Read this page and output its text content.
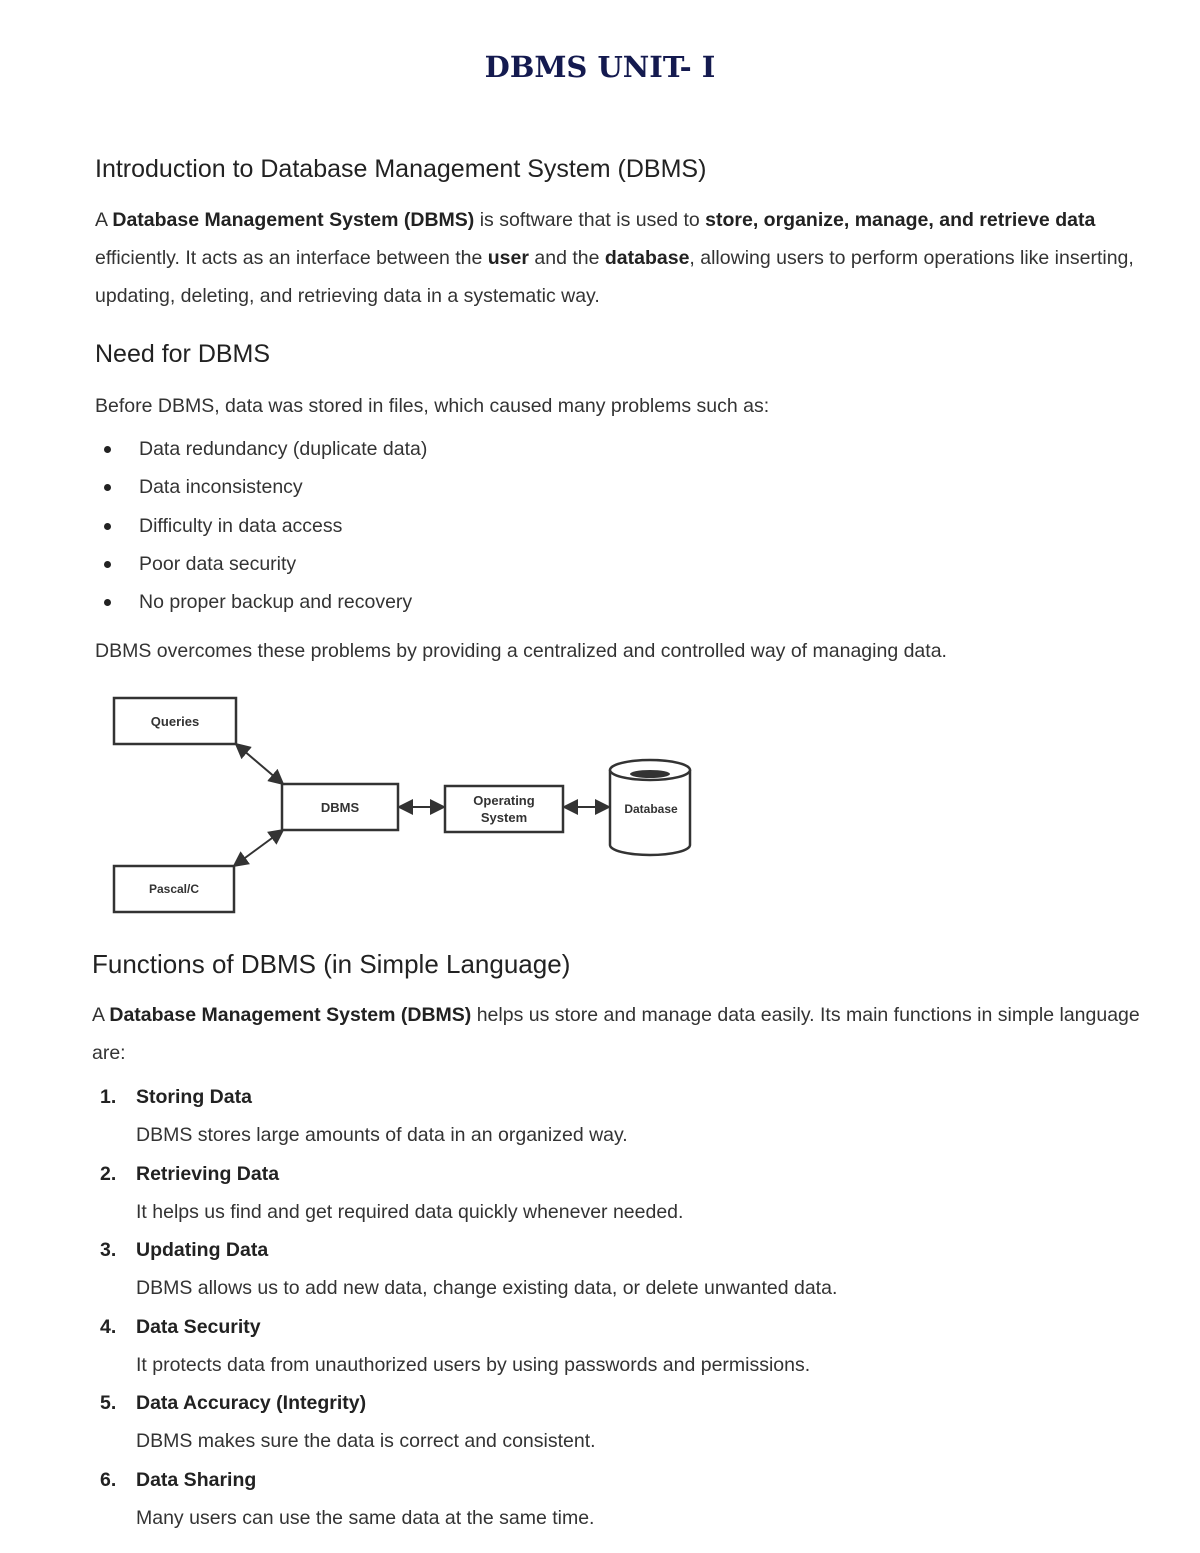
DBMS UNIT- I
Introduction to Database Management System (DBMS)

A Database Management System (DBMS) is software that is used to store, organize, manage, and retrieve data efficiently. It acts as an interface between the user and the database, allowing users to perform operations like inserting, updating, deleting, and retrieving data in a systematic way.

Need for DBMS

Before DBMS, data was stored in files, which caused many problems such as:

Data redundancy (duplicate data)
Data inconsistency
Difficulty in data access
Poor data security
No proper backup and recovery

DBMS overcomes these problems by providing a centralized and controlled way of managing data.

Queries
Pascal/C
DBMS	Operating
System
Database
Functions of DBMS (in Simple Language)

A Database Management System (DBMS) helps us store and manage data easily. Its main functions in simple language are:

1. Storing Data
DBMS stores large amounts of data in an organized way.
2. Retrieving Data
It helps us find and get required data quickly whenever needed.
3. Updating Data
DBMS allows us to add new data, change existing data, or delete unwanted data.
4. Data Security
It protects data from unauthorized users by using passwords and permissions.
5. Data Accuracy (Integrity)
DBMS makes sure the data is correct and consistent.
6. Data Sharing
Many users can use the same data at the same time.
